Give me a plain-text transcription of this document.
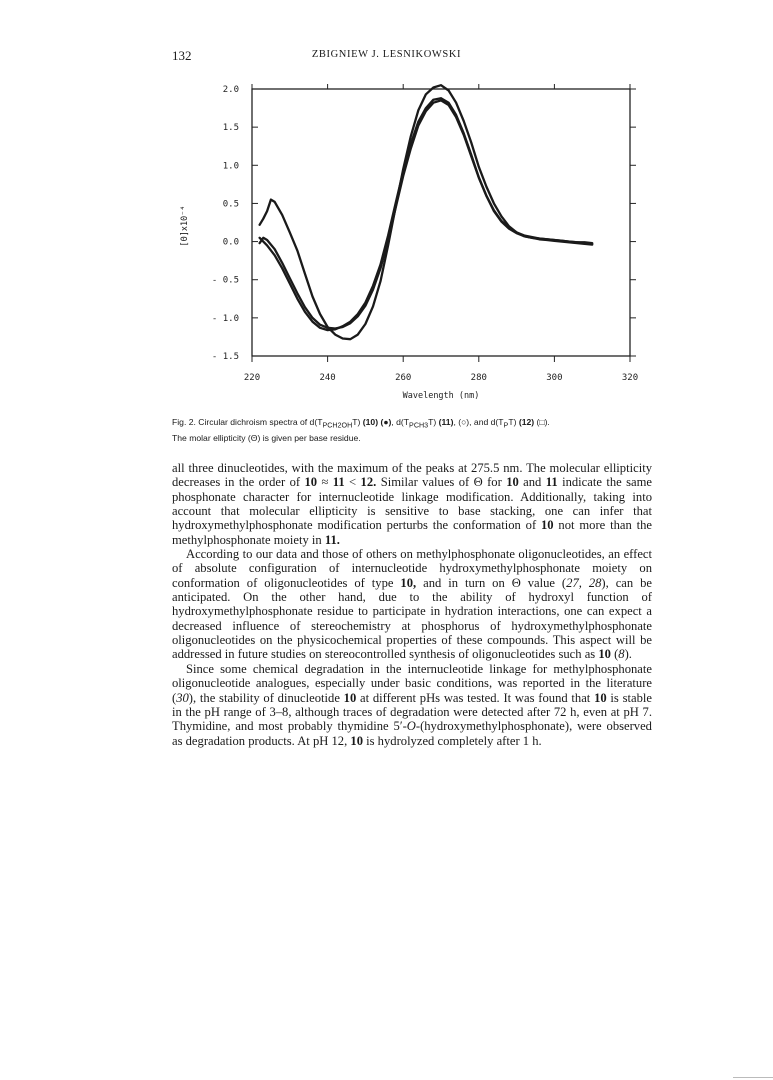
132	ZBIGNIEW J. LESNIKOWSKI
2.0
1.5
1.0
0.5
0.0
- 0.5
- 1.0
- 1.5
220	240	260	280	300	320
Wavelength (nm)
[Θ]x10⁻⁴
Fig. 2. Circular dichroism spectra of $d(T_{PCH2OH}T)$ (10) (●), $d(T_{PCH3}T)$ (11), (○), and $d(T_PT)$ (12) (□).
The molar ellipticity (Θ) is given per base residue.

all three dinucleotides, with the maximum of the peaks at 275.5 nm. The molecular ellipticity decreases in the order of 10 ≈ 11 < 12. Similar values of Θ for 10 and 11 indicate the same phosphonate character for internucleotide linkage modification. Additionally, taking into account that molecular ellipticity is sensitive to base stacking, one can infer that hydroxymethylphosphonate modification perturbs the conformation of 10 not more than the methylphosphonate moiety in 11.

According to our data and those of others on methylphosphonate oligonucleotides, an effect of absolute configuration of internucleotide hydroxymethylphosphonate moiety on conformation of oligonucleotides of type 10, and in turn on Θ value (27, 28), can be anticipated. On the other hand, due to the ability of hydroxyl function of hydroxymethylphosphonate residue to participate in hydration interactions, one can expect a decreased influence of stereochemistry at phosphorus of hydroxymethylphosphonate oligonucleotides on the physicochemical properties of these compounds. This aspect will be addressed in future studies on stereocontrolled synthesis of oligonucleotides such as 10 (8).

Since some chemical degradation in the internucleotide linkage for methylphosphonate oligonucleotide analogues, especially under basic conditions, was reported in the literature (30), the stability of dinucleotide 10 at different pHs was tested. It was found that 10 is stable in the pH range of 3–8, although traces of degradation were detected after 72 h, even at pH 7. Thymidine, and most probably thymidine 5′-O-(hydroxymethylphosphonate), were observed as degradation products. At pH 12, 10 is hydrolyzed completely after 1 h.
